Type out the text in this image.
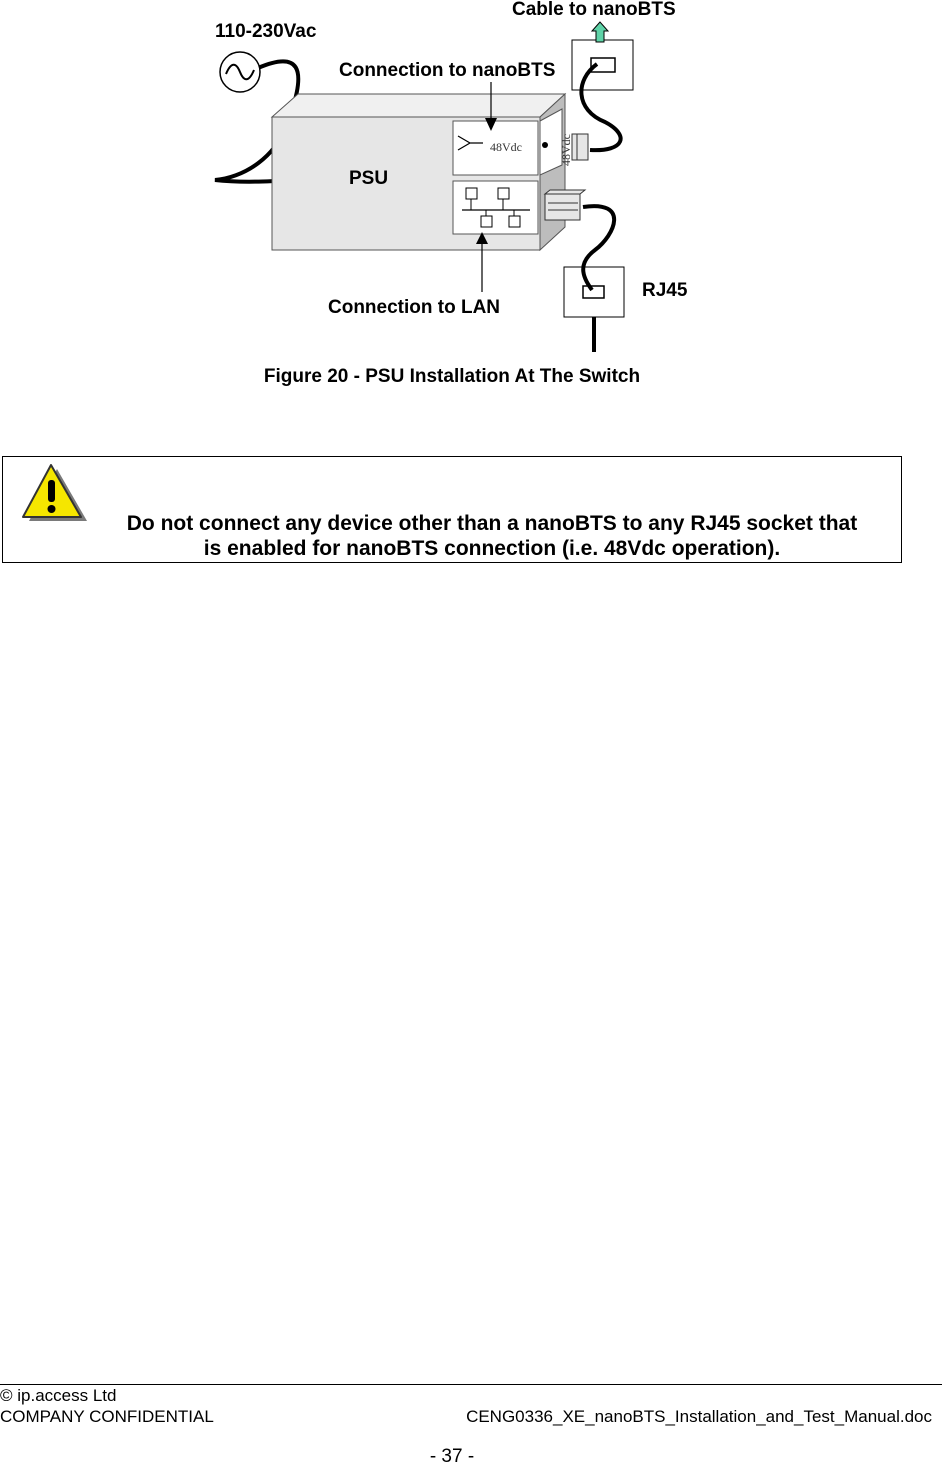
110-230Vac
Cable to nanoBTS
Connection to nanoBTS
PSU
Connection to LAN
RJ45
48Vdc	48Vdc
Figure 20 - PSU Installation At The Switch
Do not connect any device other than a nanoBTS to any RJ45 socket that
is enabled for nanoBTS connection (i.e. 48Vdc operation).
© ip.access Ltd
COMPANY CONFIDENTIAL	CENG0336_XE_nanoBTS_Installation_and_Test_Manual.doc
- 37 -
